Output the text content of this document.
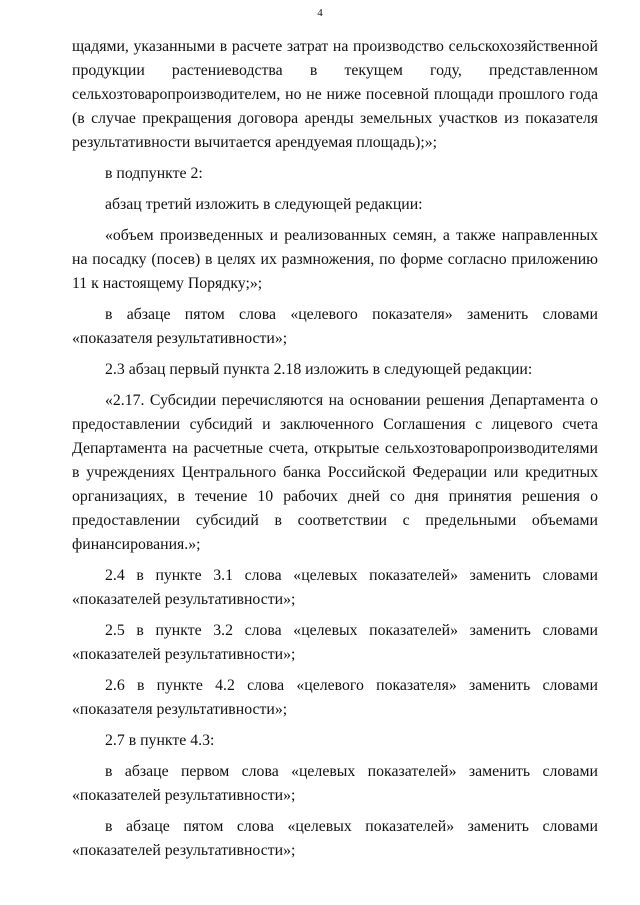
4

щадями, указанными в расчете затрат на производство сельскохозяйственной продукции растениеводства в текущем году, представленном сельхозтоваропроизводителем, но не ниже посевной площади прошлого года (в случае прекращения договора аренды земельных участков из показателя результативности вычитается арендуемая площадь);»;

в подпункте 2:

абзац третий изложить в следующей редакции:

«объем произведенных и реализованных семян, а также направленных на посадку (посев) в целях их размножения, по форме согласно приложению 11 к настоящему Порядку;»;

в абзаце пятом слова «целевого показателя» заменить словами «показателя результативности»;

2.3 абзац первый пункта 2.18 изложить в следующей редакции:

«2.17. Субсидии перечисляются на основании решения Департамента о предоставлении субсидий и заключенного Соглашения с лицевого счета Департамента на расчетные счета, открытые сельхозтоваропроизводителями в учреждениях Центрального банка Российской Федерации или кредитных организациях, в течение 10 рабочих дней со дня принятия решения о предоставлении субсидий в соответствии с предельными объемами финансирования.»;

2.4 в пункте 3.1 слова «целевых показателей» заменить словами «показателей результативности»;

2.5 в пункте 3.2 слова «целевых показателей» заменить словами «показателей результативности»;

2.6 в пункте 4.2 слова «целевого показателя» заменить словами «показателя результативности»;

2.7 в пункте 4.3:

в абзаце первом слова «целевых показателей» заменить словами «показателей результативности»;

в абзаце пятом слова «целевых показателей» заменить словами «показателей результативности»;
